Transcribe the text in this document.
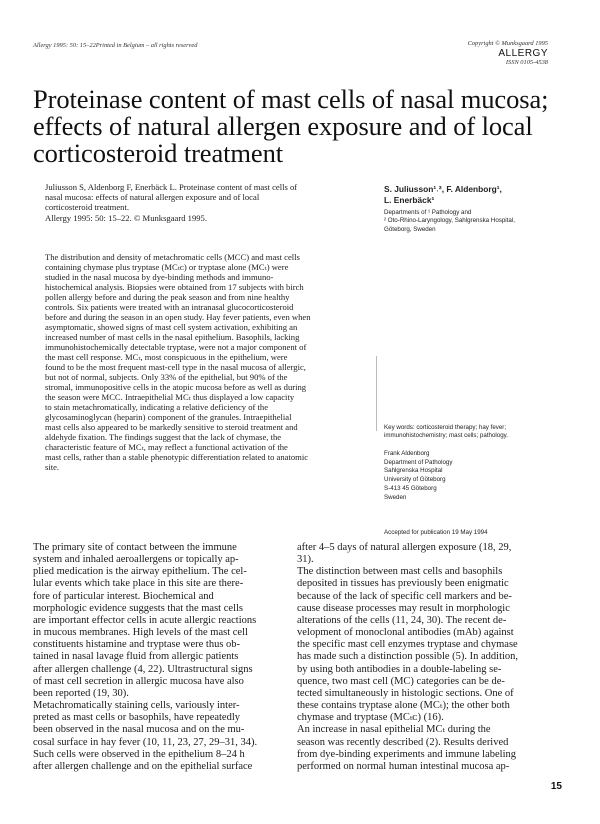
Allergy 1995: 50: 15–22Printed in Belgium – all rights reserved	Copyright © Munksgaard 1995
ALLERGY
ISSN 0105-4538
Proteinase content of mast cells of nasal mucosa; effects of natural allergen exposure and of local corticosteroid treatment
Juliusson S, Aldenborg F, Enerbäck L. Proteinase content of mast cells of
nasal mucosa: effects of natural allergen exposure and of local
corticosteroid treatment.
Allergy 1995: 50: 15–22. © Munksgaard 1995.
The distribution and density of metachromatic cells (MCC) and mast cells
containing chymase plus tryptase (MCₜᴄ) or tryptase alone (MCₜ) were
studied in the nasal mucosa by dye-binding methods and immuno-
histochemical analysis. Biopsies were obtained from 17 subjects with birch
pollen allergy before and during the peak season and from nine healthy
controls. Six patients were treated with an intranasal glucocorticosteroid
before and during the season in an open study. Hay fever patients, even when
asymptomatic, showed signs of mast cell system activation, exhibiting an
increased number of mast cells in the nasal epithelium. Basophils, lacking
immunohistochemically detectable tryptase, were not a major component of
the mast cell response. MCₜ, most conspicuous in the epithelium, were
found to be the most frequent mast-cell type in the nasal mucosa of allergic,
but not of normal, subjects. Only 33% of the epithelial, but 90% of the
stromal, immunopositive cells in the atopic mucosa before as well as during
the season were MCC. Intraepithelial MCₜ thus displayed a low capacity
to stain metachromatically, indicating a relative deficiency of the
glycosaminoglycan (heparin) component of the granules. Intraepithelial
mast cells also appeared to be markedly sensitive to steroid treatment and
aldehyde fixation. The findings suggest that the lack of chymase, the
characteristic feature of MCₜ, may reflect a functional activation of the
mast cells, rather than a stable phenotypic differentiation related to anatomic
site.
S. Juliusson¹˒², F. Aldenborg¹,
L. Enerbäck¹
Departments of ¹ Pathology and
² Oto-Rhino-Laryngology, Sahlgrenska Hospital,
Göteborg, Sweden
Key words: corticosteroid therapy; hay fever;
immunohistochemistry; mast cells; pathology.
Frank Aldenborg
Department of Pathology
Sahlgrenska Hospital
University of Göteborg
S-413 45 Göteborg
Sweden
Accepted for publication 19 May 1994
The primary site of contact between the immune
system and inhaled aeroallergens or topically ap-
plied medication is the airway epithelium. The cel-
lular events which take place in this site are there-
fore of particular interest. Biochemical and
morphologic evidence suggests that the mast cells
are important effector cells in acute allergic reactions
in mucous membranes. High levels of the mast cell
constituents histamine and tryptase were thus ob-
tained in nasal lavage fluid from allergic patients
after allergen challenge (4, 22). Ultrastructural signs
of mast cell secretion in allergic mucosa have also
been reported (19, 30).
Metachromatically staining cells, variously inter-
preted as mast cells or basophils, have repeatedly
been observed in the nasal mucosa and on the mu-
cosal surface in hay fever (10, 11, 23, 27, 29–31, 34).
Such cells were observed in the epithelium 8–24 h
after allergen challenge and on the epithelial surface
after 4–5 days of natural allergen exposure (18, 29,
31).
The distinction between mast cells and basophils
deposited in tissues has previously been enigmatic
because of the lack of specific cell markers and be-
cause disease processes may result in morphologic
alterations of the cells (11, 24, 30). The recent de-
velopment of monoclonal antibodies (mAb) against
the specific mast cell enzymes tryptase and chymase
has made such a distinction possible (5). In addition,
by using both antibodies in a double-labeling se-
quence, two mast cell (MC) categories can be de-
tected simultaneously in histologic sections. One of
these contains tryptase alone (MCₜ); the other both
chymase and tryptase (MCₜᴄ) (16).
An increase in nasal epithelial MCₜ during the
season was recently described (2). Results derived
from dye-binding experiments and immune labeling
performed on normal human intestinal mucosa ap-
15
